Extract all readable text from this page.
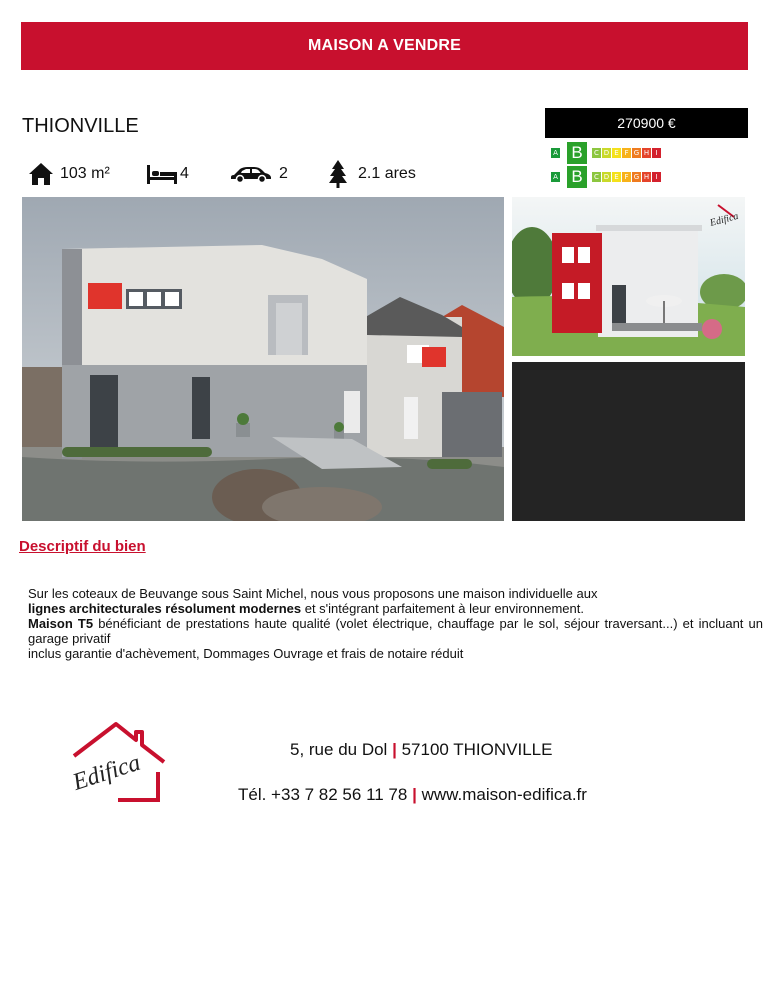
MAISON A VENDRE
THIONVILLE	270900 €
103 m²	4	2	2.1 ares
A B	C D E F G H I
A B	C D E F G H I
Edifica
Descriptif du bien

Sur les coteaux de Beuvange sous Saint Michel, nous vous proposons une maison individuelle aux

lignes architecturales résolument modernes et s'intégrant parfaitement à leur environnement.

Maison T5 bénéficiant de prestations haute qualité (volet électrique, chauffage par le sol, séjour traversant...) et incluant un garage privatif

inclus garantie d'achèvement, Dommages Ouvrage et frais de notaire réduit

Edifica
5, rue du Dol | 57100 THIONVILLE
Tél. +33 7 82 56 11 78 | www.maison-edifica.fr
